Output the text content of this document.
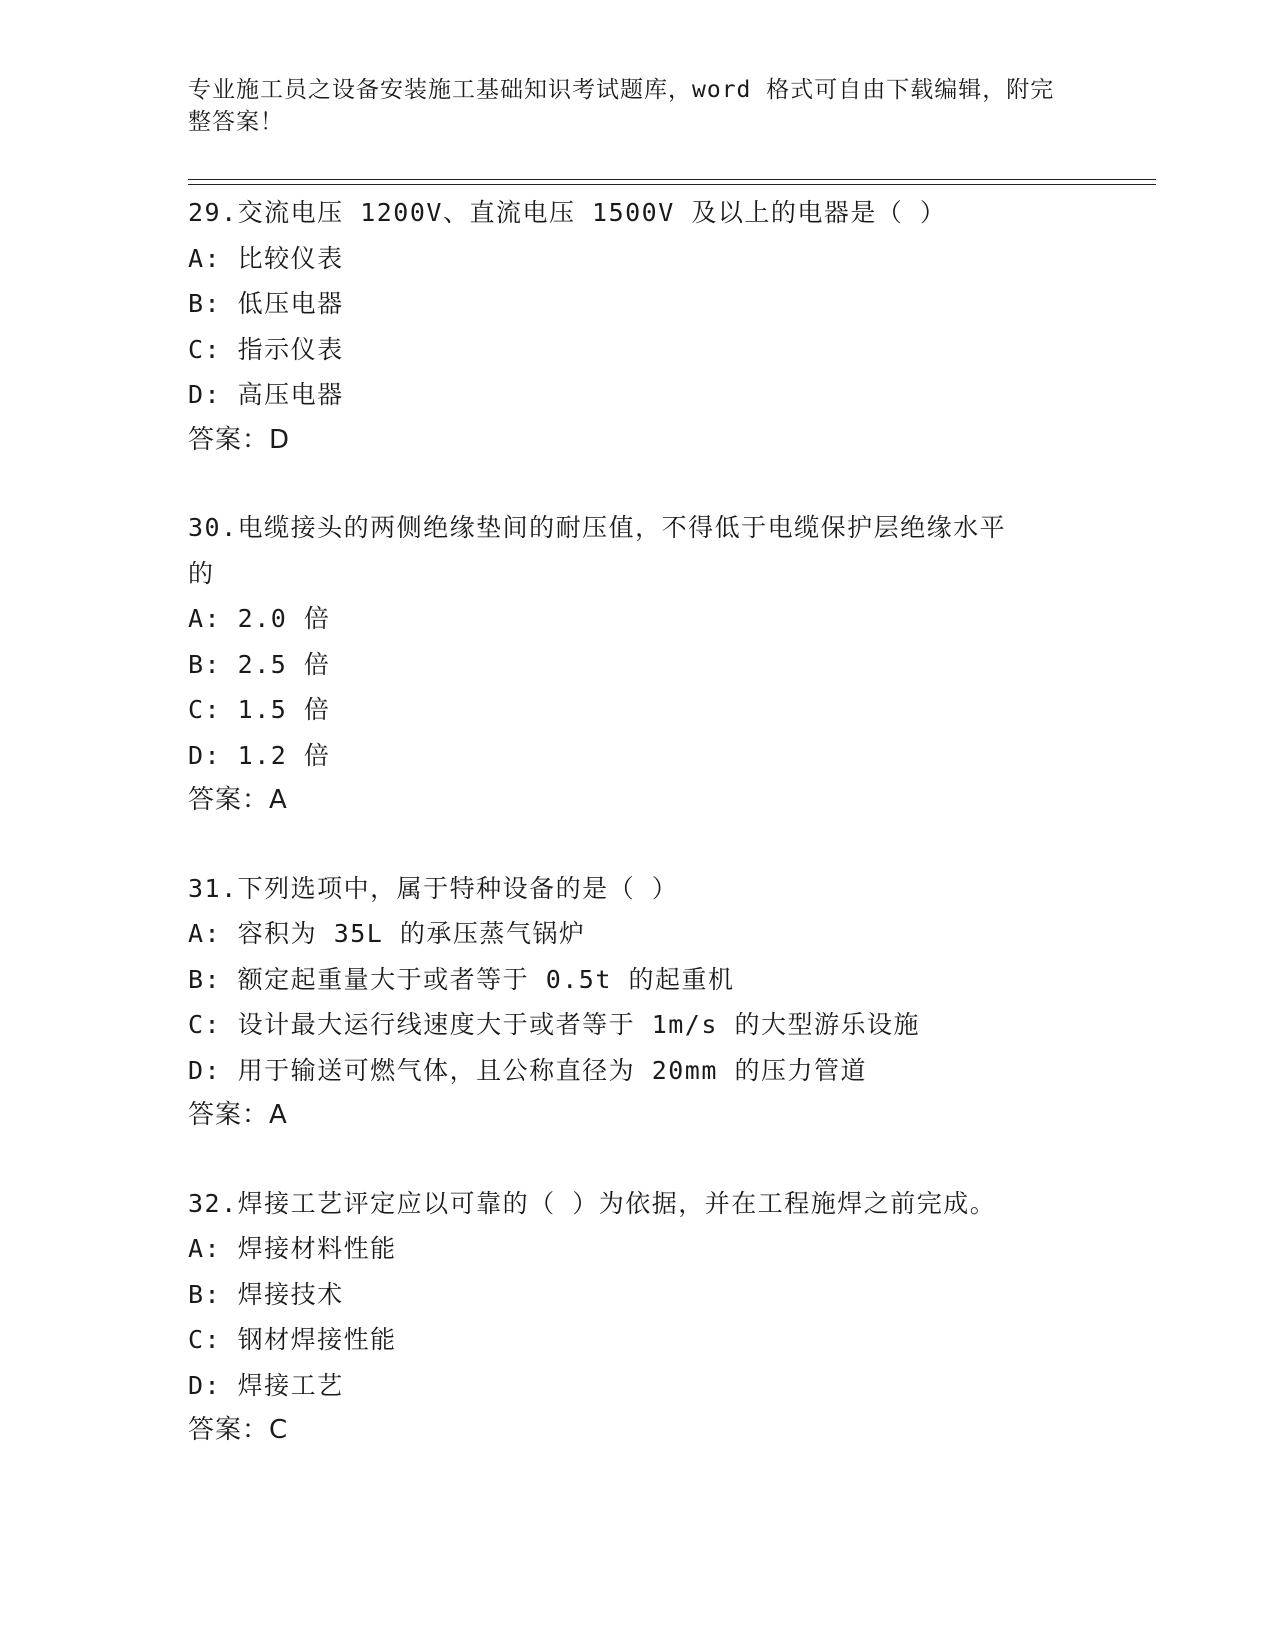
专业施工员之设备安装施工基础知识考试题库，word 格式可自由下载编辑，附完
整答案！
29.交流电压 1200V、直流电压 1500V 及以上的电器是（ ）
A: 比较仪表
B: 低压电器
C: 指示仪表
D: 高压电器
答案：D
30.电缆接头的两侧绝缘垫间的耐压值，不得低于电缆保护层绝缘水平
的
A: 2.0 倍
B: 2.5 倍
C: 1.5 倍
D: 1.2 倍
答案：A
31.下列选项中，属于特种设备的是（ ）
A: 容积为 35L 的承压蒸气锅炉
B: 额定起重量大于或者等于 0.5t 的起重机
C: 设计最大运行线速度大于或者等于 1m/s 的大型游乐设施
D: 用于输送可燃气体，且公称直径为 20mm 的压力管道
答案：A
32.焊接工艺评定应以可靠的（ ）为依据，并在工程施焊之前完成。
A: 焊接材料性能
B: 焊接技术
C: 钢材焊接性能
D: 焊接工艺
答案：C
